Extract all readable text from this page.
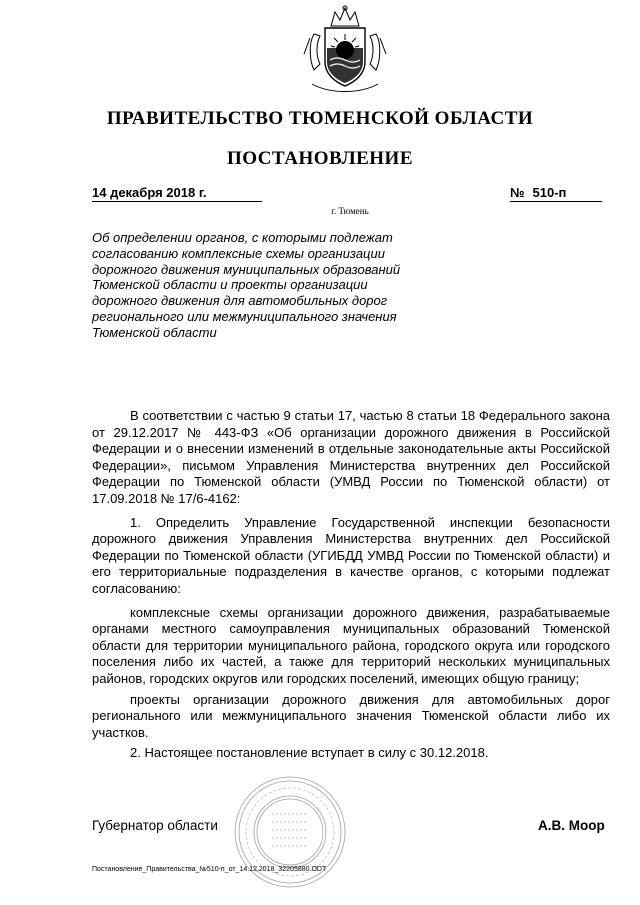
ПРАВИТЕЛЬСТВО ТЮМЕНСКОЙ ОБЛАСТИ
ПОСТАНОВЛЕНИЕ
14 декабря 2018 г.	№ 510-п
г. Тюмень
Об определении органов, с которыми подлежат согласованию комплексные схемы организации дорожного движения муниципальных образований Тюменской области и проекты организации дорожного движения для автомобильных дорог регионального или межмуниципального значения Тюменской области

В соответствии с частью 9 статьи 17, частью 8 статьи 18 Федерального закона от 29.12.2017 № 443-ФЗ «Об организации дорожного движения в Российской Федерации и о внесении изменений в отдельные законодательные акты Российской Федерации», письмом Управления Министерства внутренних дел Российской Федерации по Тюменской области (УМВД России по Тюменской области) от 17.09.2018 № 17/6-4162:

1. Определить Управление Государственной инспекции безопасности дорожного движения Управления Министерства внутренних дел Российской Федерации по Тюменской области (УГИБДД УМВД России по Тюменской области) и его территориальные подразделения в качестве органов, с которыми подлежат согласованию:

комплексные схемы организации дорожного движения, разрабатываемые органами местного самоуправления муниципальных образований Тюменской области для территории муниципального района, городского округа или городского поселения либо их частей, а также для территорий нескольких муниципальных районов, городских округов или городских поселений, имеющих общую границу;

проекты организации дорожного движения для автомобильных дорог регионального или межмуниципального значения Тюменской области либо их участков.

2. Настоящее постановление вступает в силу с 30.12.2018.

Губернатор области	А.В. Моор
Постановление_Правительства_№510-п_от_14.12.2018_32205880.ODT
